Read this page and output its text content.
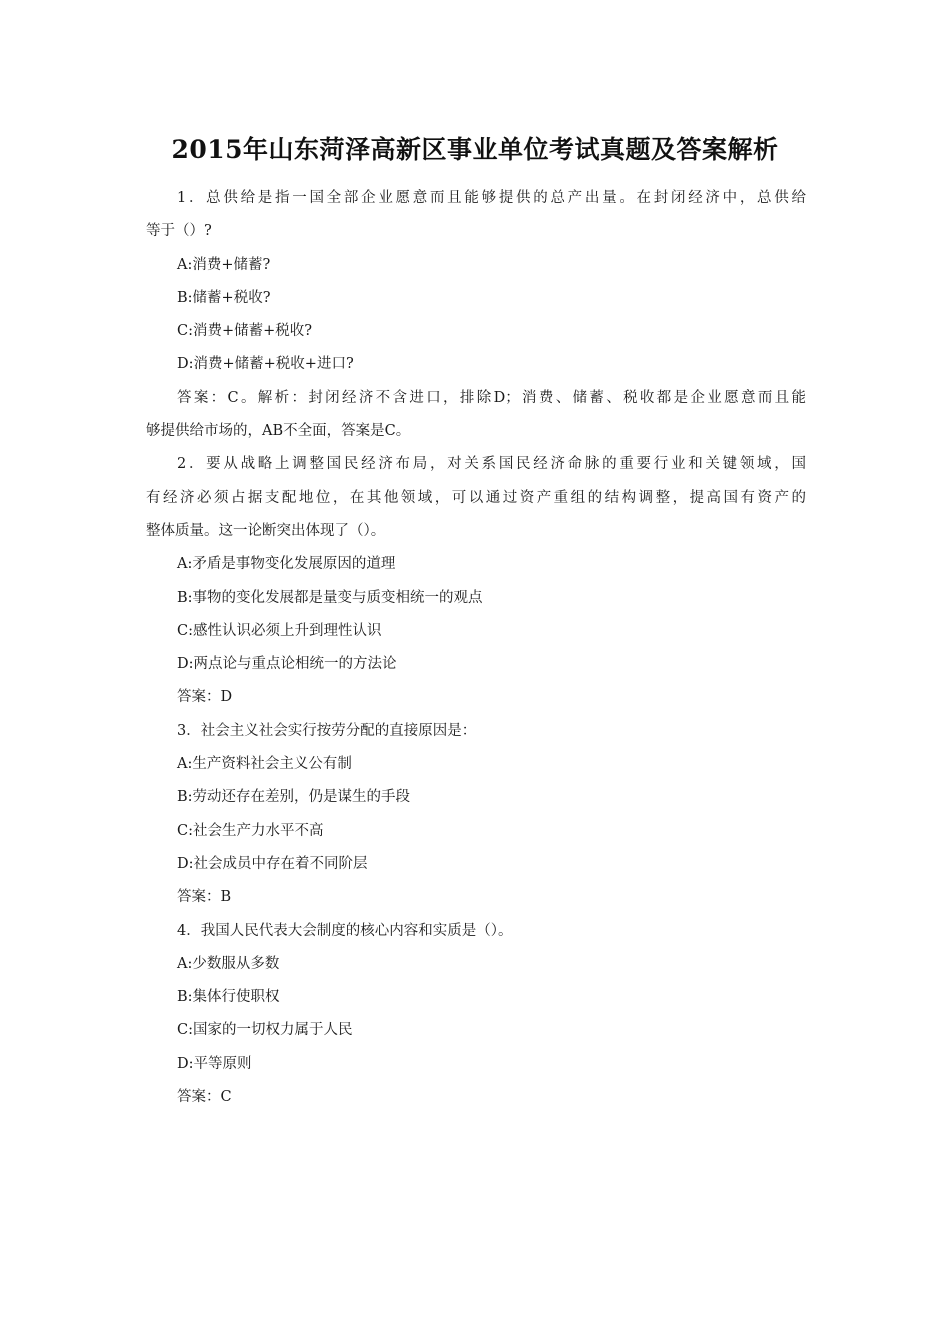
2015年山东菏泽高新区事业单位考试真题及答案解析
1．总供给是指一国全部企业愿意而且能够提供的总产出量。在封闭经济中，总供给
等于（）?
A:消费+储蓄?
B:储蓄+税收?
C:消费+储蓄+税收?
D:消费+储蓄+税收+进口?
答案：C。解析：封闭经济不含进口，排除D；消费、储蓄、税收都是企业愿意而且能
够提供给市场的，AB不全面，答案是C。
2．要从战略上调整国民经济布局，对关系国民经济命脉的重要行业和关键领域，国
有经济必须占据支配地位，在其他领域，可以通过资产重组的结构调整，提高国有资产的
整体质量。这一论断突出体现了（）。
A:矛盾是事物变化发展原因的道理
B:事物的变化发展都是量变与质变相统一的观点
C:感性认识必须上升到理性认识
D:两点论与重点论相统一的方法论
答案：D
3．社会主义社会实行按劳分配的直接原因是：
A:生产资料社会主义公有制
B:劳动还存在差别，仍是谋生的手段
C:社会生产力水平不高
D:社会成员中存在着不同阶层
答案：B
4．我国人民代表大会制度的核心内容和实质是（）。
A:少数服从多数
B:集体行使职权
C:国家的一切权力属于人民
D:平等原则
答案：C
